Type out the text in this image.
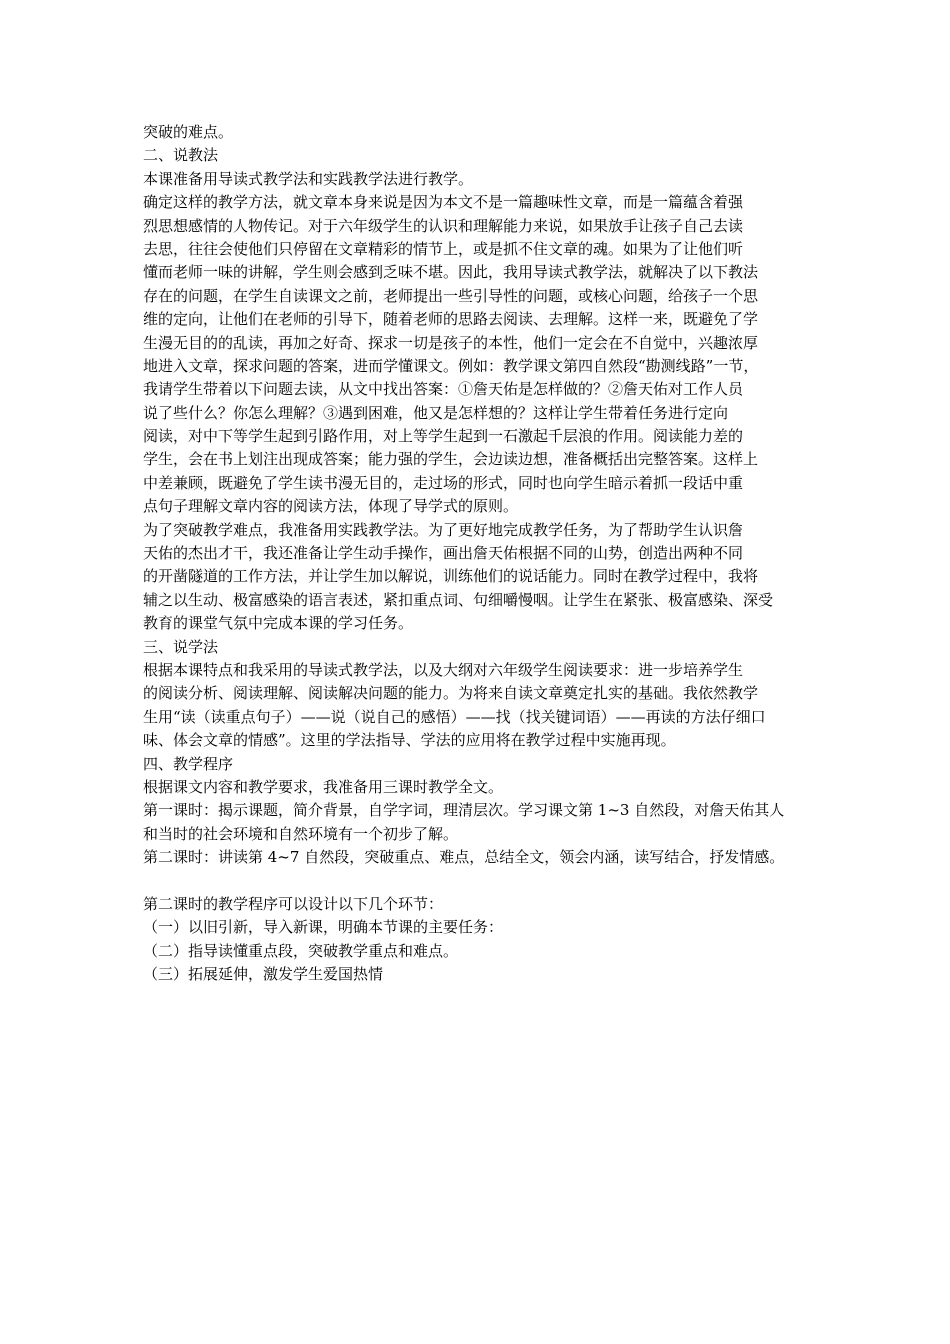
突破的难点。
二、说教法
本课准备用导读式教学法和实践教学法进行教学。
确定这样的教学方法，就文章本身来说是因为本文不是一篇趣味性文章，而是一篇蕴含着强
烈思想感情的人物传记。对于六年级学生的认识和理解能力来说，如果放手让孩子自己去读
去思，往往会使他们只停留在文章精彩的情节上，或是抓不住文章的魂。如果为了让他们听
懂而老师一味的讲解，学生则会感到乏味不堪。因此，我用导读式教学法，就解决了以下教法
存在的问题，在学生自读课文之前，老师提出一些引导性的问题，或核心问题，给孩子一个思
维的定向，让他们在老师的引导下，随着老师的思路去阅读、去理解。这样一来，既避免了学
生漫无目的的乱读，再加之好奇、探求一切是孩子的本性，他们一定会在不自觉中，兴趣浓厚
地进入文章，探求问题的答案，进而学懂课文。例如：教学课文第四自然段“勘测线路”一节，
我请学生带着以下问题去读，从文中找出答案：①詹天佑是怎样做的？②詹天佑对工作人员
说了些什么？你怎么理解？③遇到困难，他又是怎样想的？这样让学生带着任务进行定向
阅读，对中下等学生起到引路作用，对上等学生起到一石激起千层浪的作用。阅读能力差的
学生，会在书上划注出现成答案；能力强的学生，会边读边想，准备概括出完整答案。这样上
中差兼顾，既避免了学生读书漫无目的，走过场的形式，同时也向学生暗示着抓一段话中重
点句子理解文章内容的阅读方法，体现了导学式的原则。
为了突破教学难点，我准备用实践教学法。为了更好地完成教学任务，为了帮助学生认识詹
天佑的杰出才干，我还准备让学生动手操作，画出詹天佑根据不同的山势，创造出两种不同
的开凿隧道的工作方法，并让学生加以解说，训练他们的说话能力。同时在教学过程中，我将
辅之以生动、极富感染的语言表述，紧扣重点词、句细嚼慢咽。让学生在紧张、极富感染、深受
教育的课堂气氛中完成本课的学习任务。
三、说学法
根据本课特点和我采用的导读式教学法，以及大纲对六年级学生阅读要求：进一步培养学生
的阅读分析、阅读理解、阅读解决问题的能力。为将来自读文章奠定扎实的基础。我依然教学
生用“读（读重点句子）——说（说自己的感悟）——找（找关键词语）——再读的方法仔细口
味、体会文章的情感”。这里的学法指导、学法的应用将在教学过程中实施再现。
四、教学程序
根据课文内容和教学要求，我准备用三课时教学全文。
第一课时：揭示课题，简介背景，自学字词，理清层次。学习课文第 1~3 自然段，对詹天佑其人
和当时的社会环境和自然环境有一个初步了解。
第二课时：讲读第 4~7 自然段，突破重点、难点，总结全文，领会内涵，读写结合，抒发情感。
第二课时的教学程序可以设计以下几个环节：
（一）以旧引新，导入新课，明确本节课的主要任务：
（二）指导读懂重点段，突破教学重点和难点。
（三）拓展延伸，激发学生爱国热情
